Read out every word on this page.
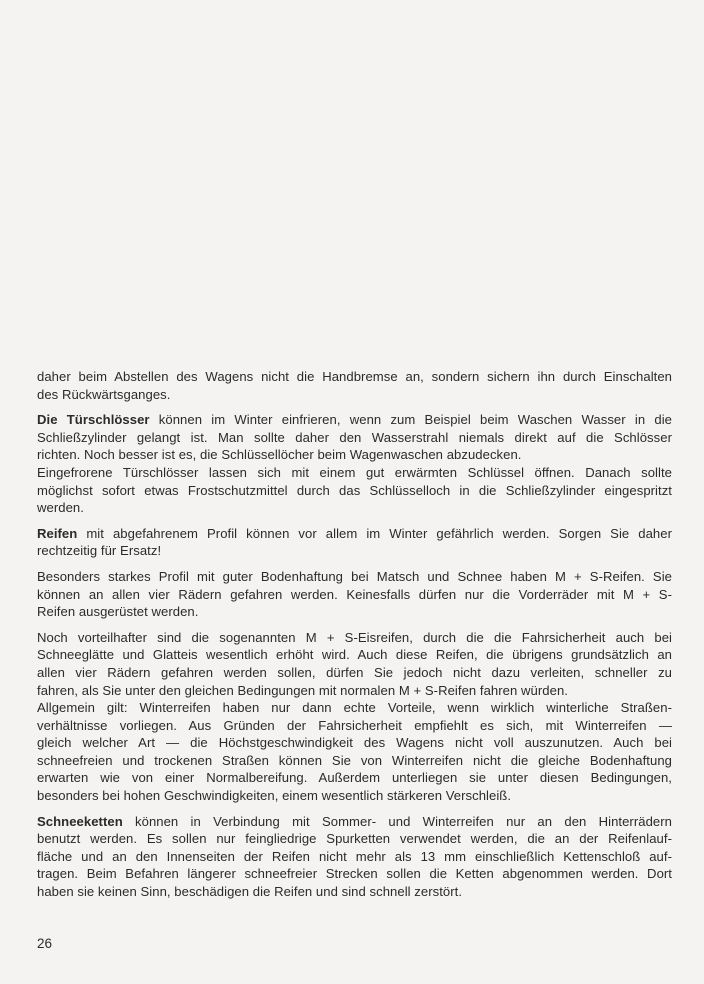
daher beim Abstellen des Wagens nicht die Handbremse an, sondern sichern ihn durch Einschalten
des Rückwärtsganges.
Die Türschlösser können im Winter einfrieren, wenn zum Beispiel beim Waschen Wasser in die
Schließzylinder gelangt ist. Man sollte daher den Wasserstrahl niemals direkt auf die Schlösser
richten. Noch besser ist es, die Schlüssellöcher beim Wagenwaschen abzudecken.
Eingefrorene Türschlösser lassen sich mit einem gut erwärmten Schlüssel öffnen. Danach sollte
möglichst sofort etwas Frostschutzmittel durch das Schlüsselloch in die Schließzylinder eingespritzt
werden.
Reifen mit abgefahrenem Profil können vor allem im Winter gefährlich werden. Sorgen Sie daher
rechtzeitig für Ersatz!
Besonders starkes Profil mit guter Bodenhaftung bei Matsch und Schnee haben M + S-Reifen. Sie
können an allen vier Rädern gefahren werden. Keinesfalls dürfen nur die Vorderräder mit M + S-
Reifen ausgerüstet werden.
Noch vorteilhafter sind die sogenannten M + S-Eisreifen, durch die die Fahrsicherheit auch bei
Schneeglätte und Glatteis wesentlich erhöht wird. Auch diese Reifen, die übrigens grundsätzlich an
allen vier Rädern gefahren werden sollen, dürfen Sie jedoch nicht dazu verleiten, schneller zu
fahren, als Sie unter den gleichen Bedingungen mit normalen M + S-Reifen fahren würden.
Allgemein gilt: Winterreifen haben nur dann echte Vorteile, wenn wirklich winterliche Straßen-
verhältnisse vorliegen. Aus Gründen der Fahrsicherheit empfiehlt es sich, mit Winterreifen —
gleich welcher Art — die Höchstgeschwindigkeit des Wagens nicht voll auszunutzen. Auch bei
schneefreien und trockenen Straßen können Sie von Winterreifen nicht die gleiche Bodenhaftung
erwarten wie von einer Normalbereifung. Außerdem unterliegen sie unter diesen Bedingungen,
besonders bei hohen Geschwindigkeiten, einem wesentlich stärkeren Verschleiß.
Schneeketten können in Verbindung mit Sommer- und Winterreifen nur an den Hinterrädern
benutzt werden. Es sollen nur feingliedrige Spurketten verwendet werden, die an der Reifenlauf-
fläche und an den Innenseiten der Reifen nicht mehr als 13 mm einschließlich Kettenschloß auf-
tragen. Beim Befahren längerer schneefreier Strecken sollen die Ketten abgenommen werden. Dort
haben sie keinen Sinn, beschädigen die Reifen und sind schnell zerstört.
26
